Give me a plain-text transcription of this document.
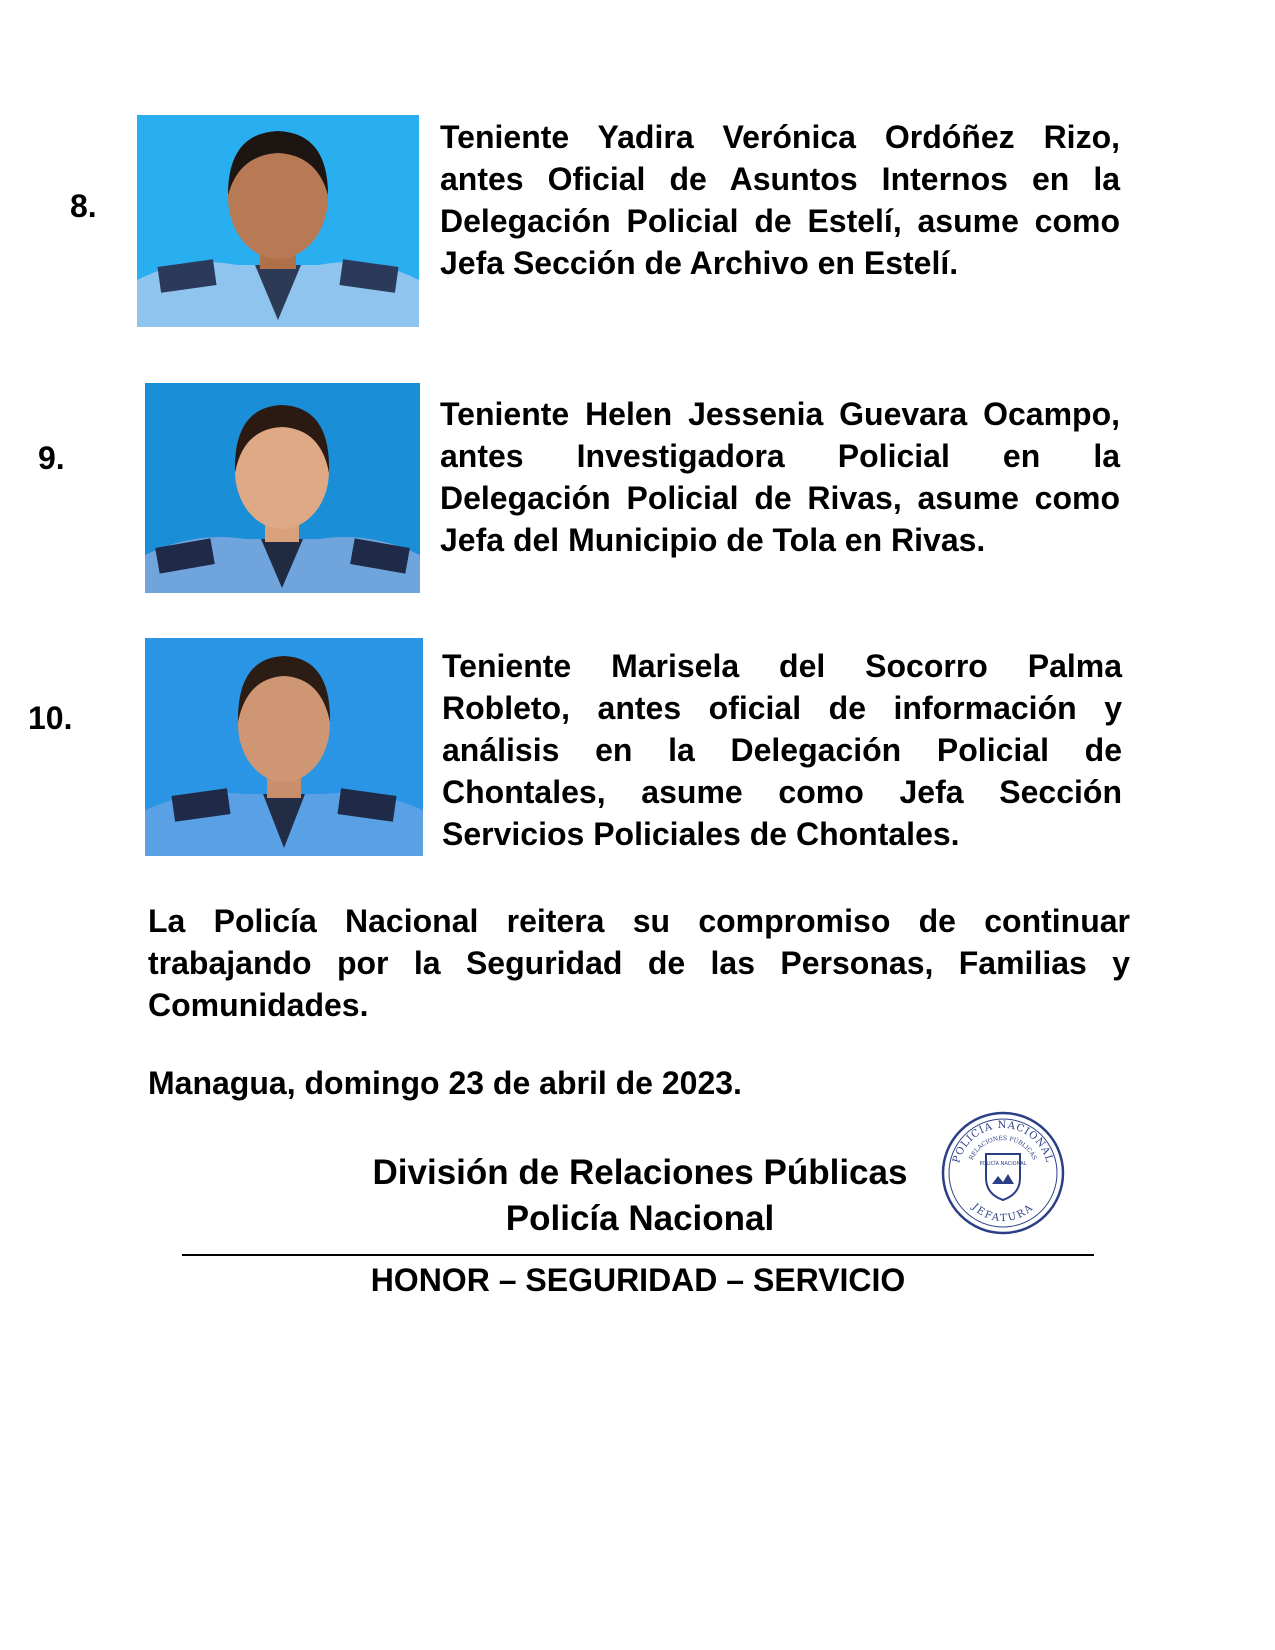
8.

Teniente Yadira Verónica Ordóñez Rizo, antes Oficial de Asuntos Internos en la Delegación Policial de Estelí, asume como Jefa Sección de Archivo en Estelí.

9.

Teniente Helen Jessenia Guevara Ocampo, antes Investigadora Policial en la Delegación Policial de Rivas, asume como Jefa del Municipio de Tola en Rivas.

10.

Teniente Marisela del Socorro Palma Robleto, antes oficial de información y análisis en la Delegación Policial de Chontales, asume como Jefa Sección Servicios Policiales de Chontales.

La Policía Nacional reitera su compromiso de continuar trabajando por la Seguridad de las Personas, Familias y Comunidades.

Managua, domingo 23 de abril de 2023.

División de Relaciones Públicas
Policía Nacional
POLICÍA NACIONAL
RELACIONES PÚBLICAS
JEFATURA
POLICÍA NACIONAL

HONOR – SEGURIDAD – SERVICIO
